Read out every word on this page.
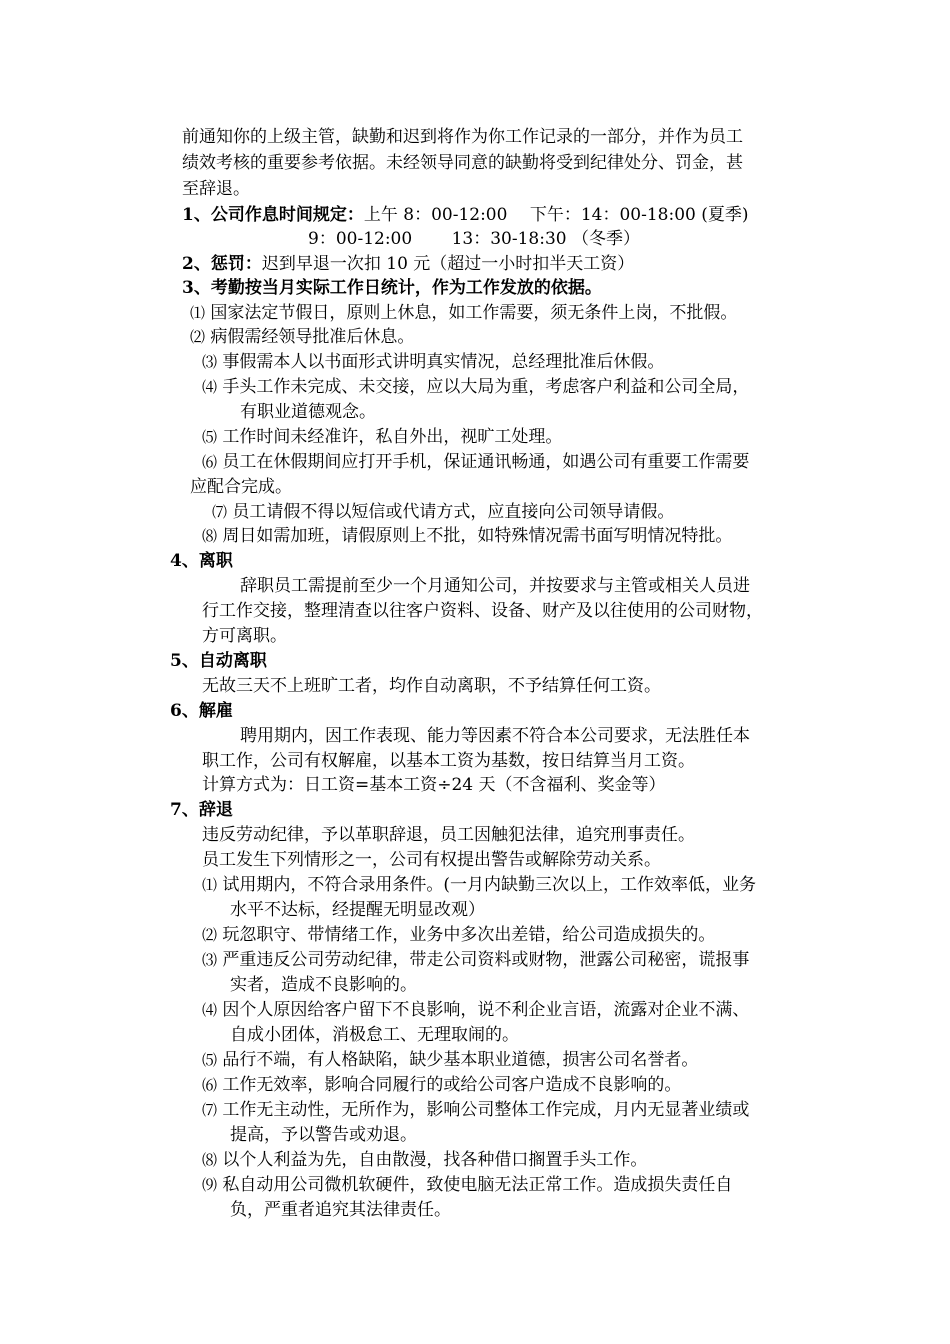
前通知你的上级主管，缺勤和迟到将作为你工作记录的一部分，并作为员工
绩效考核的重要参考依据。未经领导同意的缺勤将受到纪律处分、罚金，甚
至辞退。
1、公司作息时间规定：上午 8：00-12:00　 下午：14：00-18:00 (夏季)
9：00-12:00　　 13：30-18:30 （冬季）
2、惩罚：迟到早退一次扣 10 元（超过一小时扣半天工资）
3、考勤按当月实际工作日统计，作为工作发放的依据。
⑴ 国家法定节假日，原则上休息，如工作需要，须无条件上岗，不批假。
⑵ 病假需经领导批准后休息。
⑶ 事假需本人以书面形式讲明真实情况，总经理批准后休假。
⑷ 手头工作未完成、未交接，应以大局为重，考虑客户利益和公司全局，
有职业道德观念。
⑸ 工作时间未经准许，私自外出，视旷工处理。
⑹ 员工在休假期间应打开手机，保证通讯畅通，如遇公司有重要工作需要
应配合完成。
⑺ 员工请假不得以短信或代请方式，应直接向公司领导请假。
⑻ 周日如需加班，请假原则上不批，如特殊情况需书面写明情况特批。
4、离职
辞职员工需提前至少一个月通知公司，并按要求与主管或相关人员进
行工作交接，整理清查以往客户资料、设备、财产及以往使用的公司财物，
方可离职。
5、自动离职
无故三天不上班旷工者，均作自动离职，不予结算任何工资。
6、解雇
聘用期内，因工作表现、能力等因素不符合本公司要求，无法胜任本
职工作，公司有权解雇，以基本工资为基数，按日结算当月工资。
计算方式为：日工资=基本工资÷24 天（不含福利、奖金等）
7、辞退
违反劳动纪律，予以革职辞退，员工因触犯法律，追究刑事责任。
员工发生下列情形之一，公司有权提出警告或解除劳动关系。
⑴ 试用期内，不符合录用条件。(一月内缺勤三次以上，工作效率低，业务
水平不达标，经提醒无明显改观）
⑵ 玩忽职守、带情绪工作，业务中多次出差错，给公司造成损失的。
⑶ 严重违反公司劳动纪律，带走公司资料或财物，泄露公司秘密，谎报事
实者，造成不良影响的。
⑷ 因个人原因给客户留下不良影响，说不利企业言语，流露对企业不满、
自成小团体，消极怠工、无理取闹的。
⑸ 品行不端，有人格缺陷，缺少基本职业道德，损害公司名誉者。
⑹ 工作无效率，影响合同履行的或给公司客户造成不良影响的。
⑺ 工作无主动性，无所作为，影响公司整体工作完成，月内无显著业绩或
提高，予以警告或劝退。
⑻ 以个人利益为先，自由散漫，找各种借口搁置手头工作。
⑼ 私自动用公司微机软硬件，致使电脑无法正常工作。造成损失责任自
负，严重者追究其法律责任。
